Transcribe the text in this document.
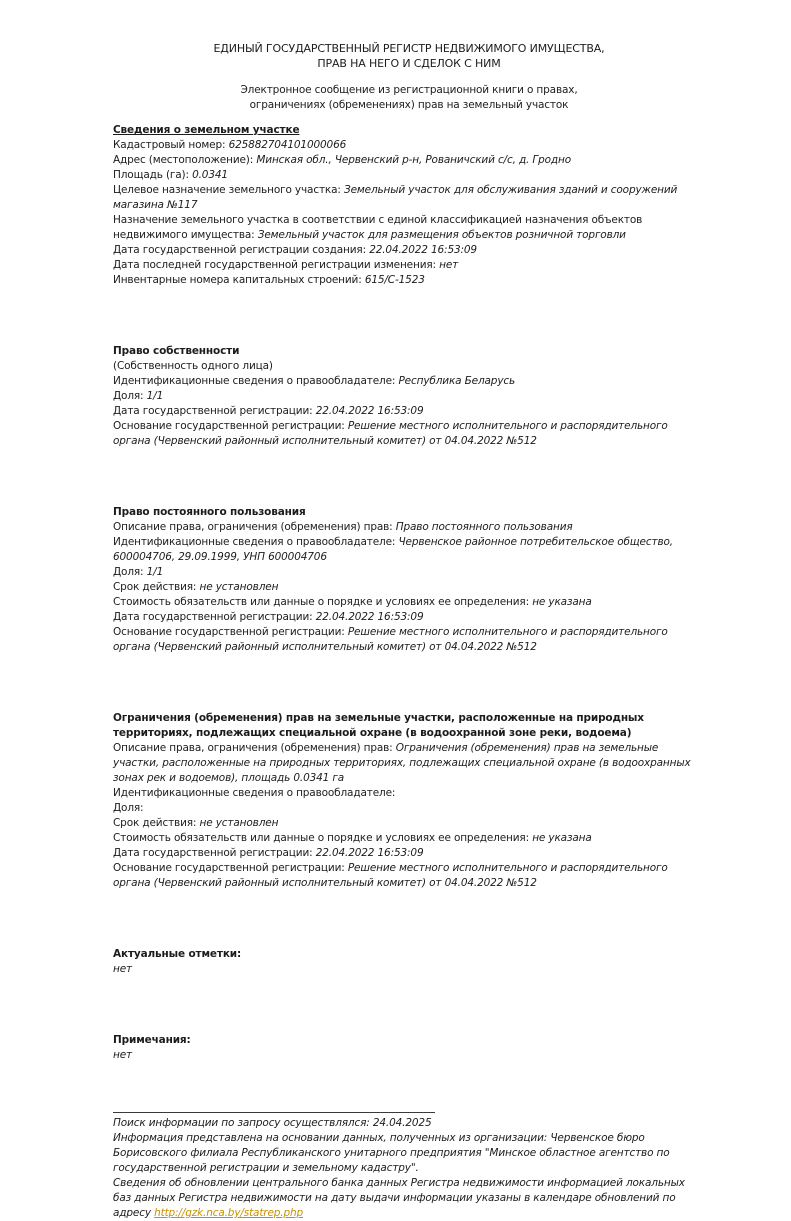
ЕДИНЫЙ ГОСУДАРСТВЕННЫЙ РЕГИСТР НЕДВИЖИМОГО ИМУЩЕСТВА,
ПРАВ НА НЕГО И СДЕЛОК С НИМ
Электронное сообщение из регистрационной книги о правах,
ограничениях (обременениях) прав на земельный участок
Сведения о земельном участке
Кадастровый номер: 625882704101000066
Адрес (местоположение): Минская обл., Червенский р-н, Рованичский с/с, д. Гродно
Площадь (га): 0.0341
Целевое назначение земельного участка: Земельный участок для обслуживания зданий и сооружений магазина №117
Назначение земельного участка в соответствии с единой классификацией назначения объектов недвижимого имущества: Земельный участок для размещения объектов розничной торговли
Дата государственной регистрации создания: 22.04.2022 16:53:09
Дата последней государственной регистрации изменения: нет
Инвентарные номера капитальных строений: 615/С-1523
Право собственности
(Собственность одного лица)
Идентификационные сведения о правообладателе: Республика Беларусь
Доля: 1/1
Дата государственной регистрации: 22.04.2022 16:53:09
Основание государственной регистрации: Решение местного исполнительного и распорядительного органа (Червенский районный исполнительный комитет) от 04.04.2022 №512
Право постоянного пользования
Описание права, ограничения (обременения) прав: Право постоянного пользования
Идентификационные сведения о правообладателе: Червенское районное потребительское общество, 600004706, 29.09.1999, УНП 600004706
Доля: 1/1
Срок действия: не установлен
Стоимость обязательств или данные о порядке и условиях ее определения: не указана
Дата государственной регистрации: 22.04.2022 16:53:09
Основание государственной регистрации: Решение местного исполнительного и распорядительного органа (Червенский районный исполнительный комитет) от 04.04.2022 №512
Ограничения (обременения) прав на земельные участки, расположенные на природных территориях, подлежащих специальной охране (в водоохранной зоне реки, водоема)
Описание права, ограничения (обременения) прав: Ограничения (обременения) прав на земельные участки, расположенные на природных территориях, подлежащих специальной охране (в водоохранных зонах рек и водоемов), площадь 0.0341 га
Идентификационные сведения о правообладателе:
Доля:
Срок действия: не установлен
Стоимость обязательств или данные о порядке и условиях ее определения: не указана
Дата государственной регистрации: 22.04.2022 16:53:09
Основание государственной регистрации: Решение местного исполнительного и распорядительного органа (Червенский районный исполнительный комитет) от 04.04.2022 №512
Актуальные отметки:
нет
Примечания:
нет
Поиск информации по запросу осуществлялся: 24.04.2025
Информация представлена на основании данных, полученных из организации: Червенское бюро Борисовского филиала Республиканского унитарного предприятия "Минское областное агентство по государственной регистрации и земельному кадастру".
Сведения об обновлении центрального банка данных Регистра недвижимости информацией локальных баз данных Регистра недвижимости на дату выдачи информации указаны в календаре обновлений по адресу http://gzk.nca.by/statrep.php
